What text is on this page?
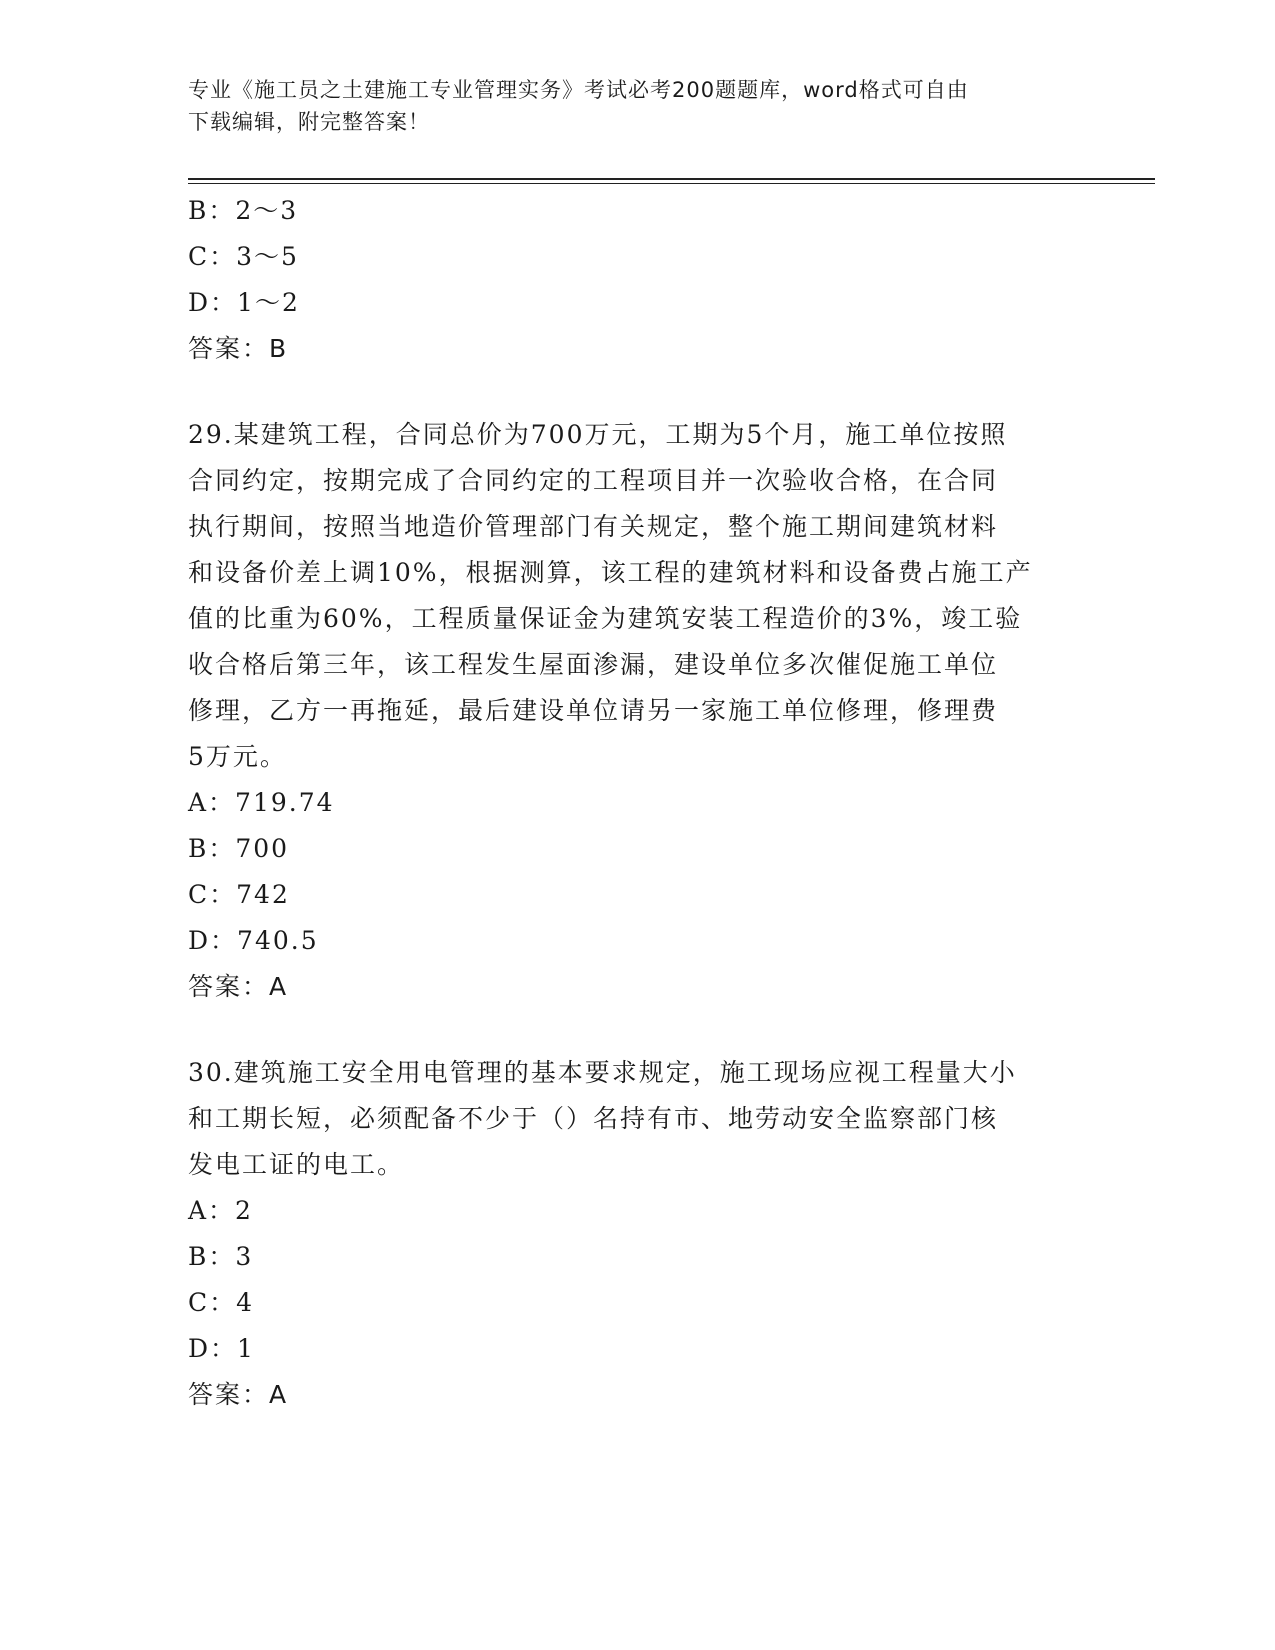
专业《施工员之土建施工专业管理实务》考试必考200题题库，word格式可自由
下载编辑，附完整答案！
B：2～3
C：3～5
D：1～2
答案：B
29.某建筑工程，合同总价为700万元，工期为5个月，施工单位按照
合同约定，按期完成了合同约定的工程项目并一次验收合格，在合同
执行期间，按照当地造价管理部门有关规定，整个施工期间建筑材料
和设备价差上调10%，根据测算，该工程的建筑材料和设备费占施工产
值的比重为60%，工程质量保证金为建筑安装工程造价的3%，竣工验
收合格后第三年，该工程发生屋面渗漏，建设单位多次催促施工单位
修理，乙方一再拖延，最后建设单位请另一家施工单位修理，修理费
5万元。
A：719.74
B：700
C：742
D：740.5
答案：A
30.建筑施工安全用电管理的基本要求规定，施工现场应视工程量大小
和工期长短，必须配备不少于（）名持有市、地劳动安全监察部门核
发电工证的电工。
A：2
B：3
C：4
D：1
答案：A
